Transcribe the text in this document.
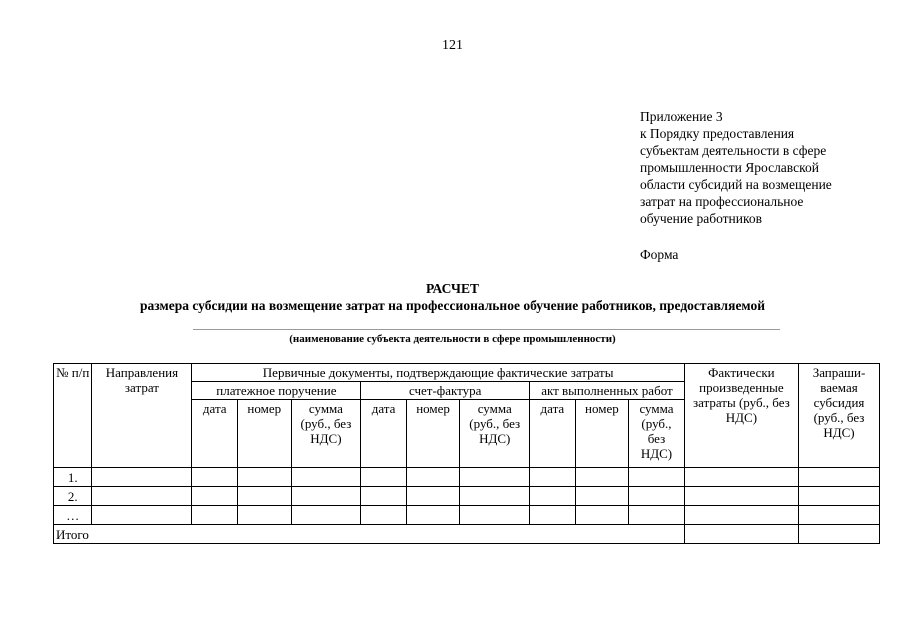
121
Приложение 3
к Порядку предоставления
субъектам деятельности в сфере
промышленности Ярославской
области субсидий на возмещение
затрат на профессиональное
обучение работников
Форма
РАСЧЕТ
размера субсидии на возмещение затрат на профессиональное обучение работников, предоставляемой
(наименование субъекта деятельности в сфере промышленности)
№ п/п	Направления затрат	Первичные документы, подтверждающие фактические затраты									Фактически произведенные затраты (руб., без НДС)	Запраши-ваемая субсидия (руб., без НДС)
		платежное поручение			счет-фактура			акт выполненных работ				
		дата	номер	сумма (руб., без НДС)	дата	номер	сумма (руб., без НДС)	дата	номер	сумма (руб., без НДС)		
1.												
2.												
…												
Итого												
